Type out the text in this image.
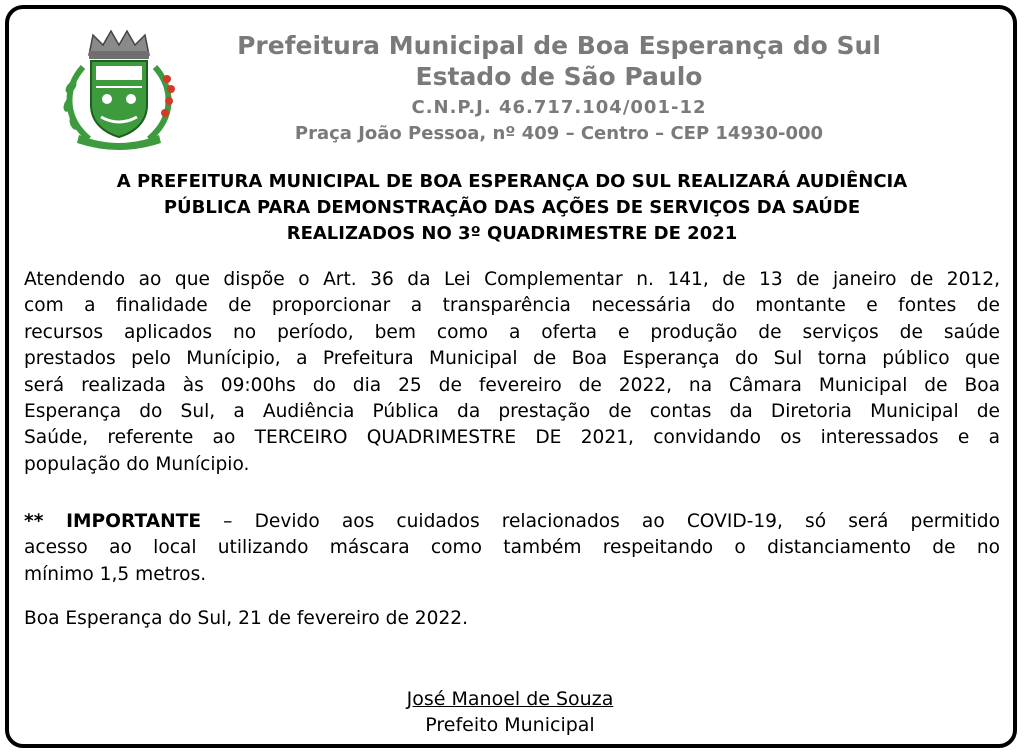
Prefeitura Municipal de Boa Esperança do Sul
Estado de São Paulo
C.N.P.J. 46.717.104/001-12
Praça João Pessoa, nº 409 – Centro – CEP 14930-000
A PREFEITURA MUNICIPAL DE BOA ESPERANÇA DO SUL REALIZARÁ AUDIÊNCIA
PÚBLICA PARA DEMONSTRAÇÃO DAS AÇÕES DE SERVIÇOS DA SAÚDE
REALIZADOS NO 3º QUADRIMESTRE DE 2021
Atendendo ao que dispõe o Art. 36 da Lei Complementar n. 141, de 13 de janeiro de 2012,
com a finalidade de proporcionar a transparência necessária do montante e fontes de
recursos aplicados no período, bem como a oferta e produção de serviços de saúde
prestados pelo Munícipio, a Prefeitura Municipal de Boa Esperança do Sul torna público que
será realizada às 09:00hs do dia 25 de fevereiro de 2022, na Câmara Municipal de Boa
Esperança do Sul, a Audiência Pública da prestação de contas da Diretoria Municipal de
Saúde, referente ao TERCEIRO QUADRIMESTRE DE 2021, convidando os interessados e a
população do Munícipio.
** IMPORTANTE – Devido aos cuidados relacionados ao COVID-19, só será permitido
acesso ao local utilizando máscara como também respeitando o distanciamento de no
mínimo 1,5 metros.
Boa Esperança do Sul, 21 de fevereiro de 2022.
José Manoel de Souza
Prefeito Municipal
